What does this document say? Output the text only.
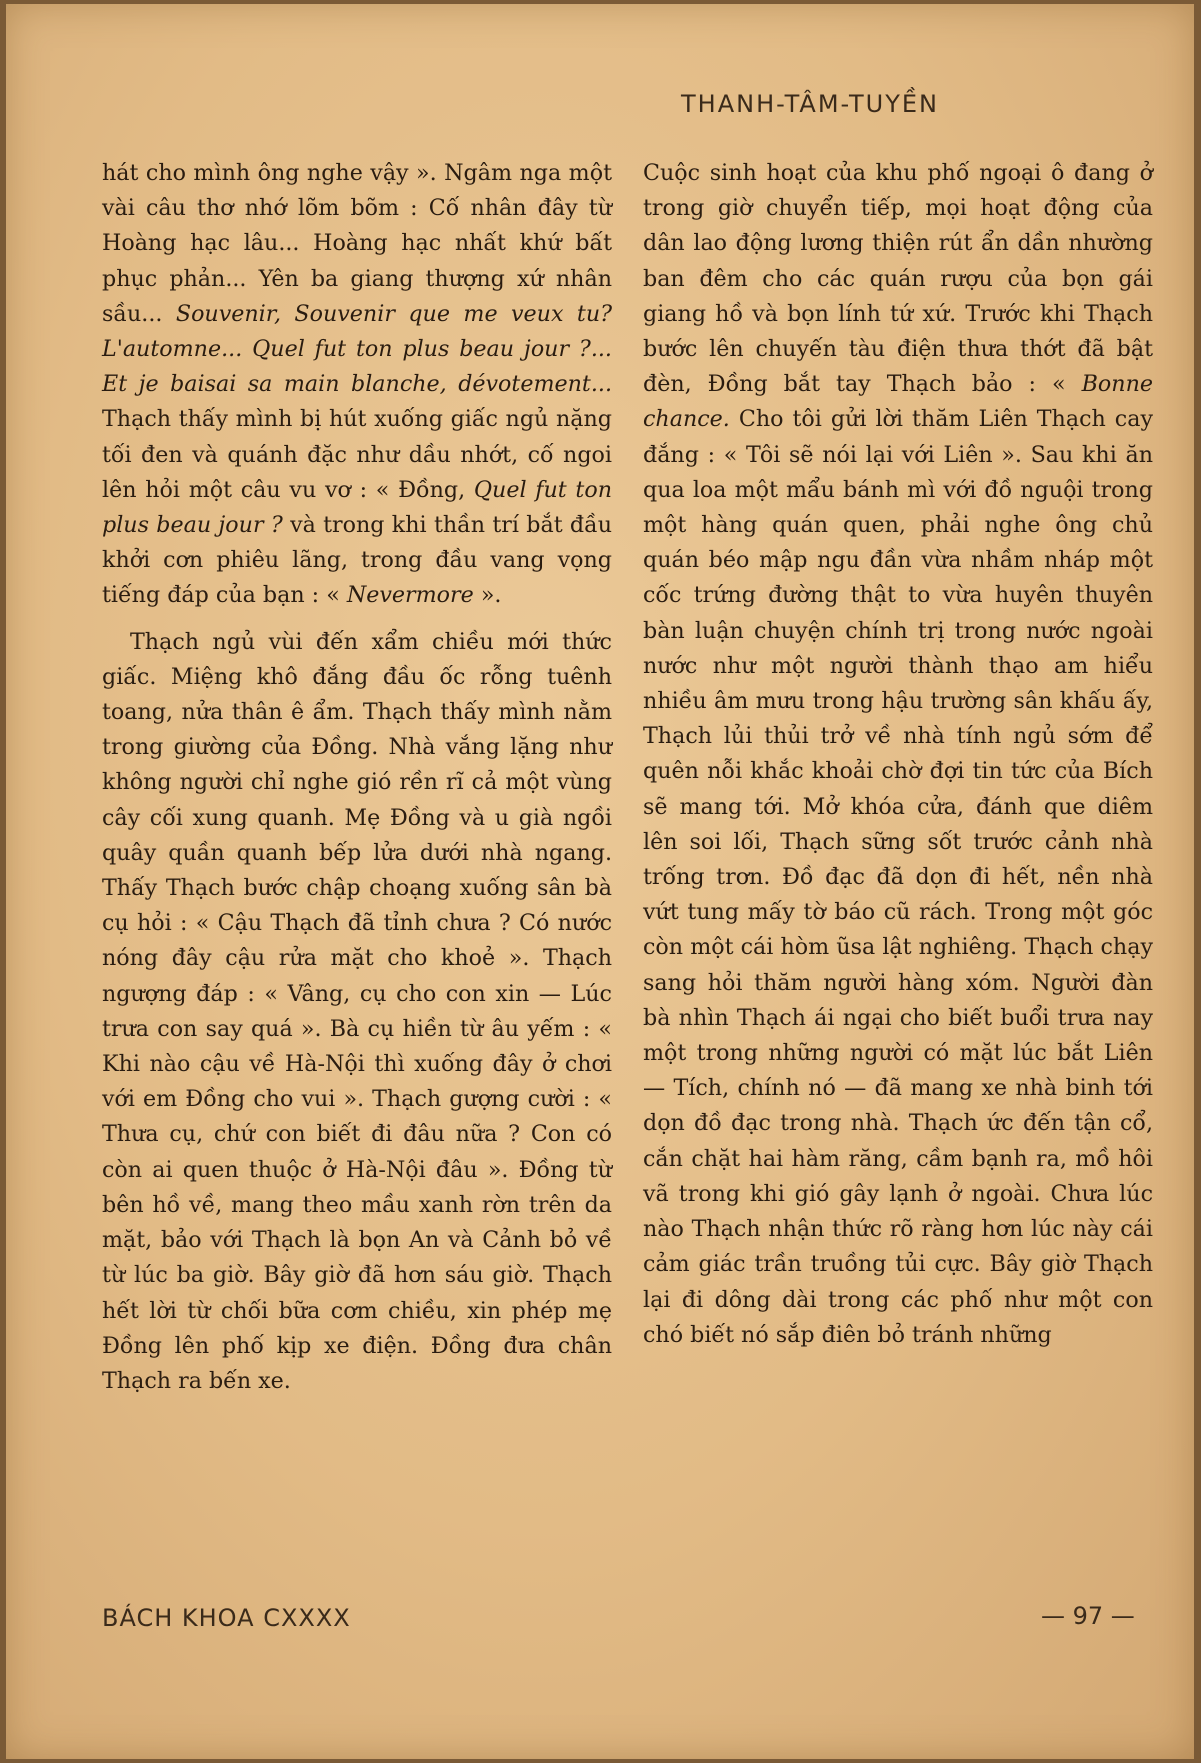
THANH-TÂM-TUYỀN

hát cho mình ông nghe vậy ». Ngâm nga một vài câu thơ nhớ lõm bõm : Cố nhân đây từ Hoàng hạc lâu... Hoàng hạc nhất khứ bất phục phản... Yên ba giang thượng xứ nhân sầu... Souvenir, Souvenir que me veux tu? L'automne... Quel fut ton plus beau jour ?... Et je baisai sa main blanche, dévotement... Thạch thấy mình bị hút xuống giấc ngủ nặng tối đen và quánh đặc như dầu nhớt, cố ngoi lên hỏi một câu vu vơ : « Đồng, Quel fut ton plus beau jour ? và trong khi thần trí bắt đầu khởi cơn phiêu lãng, trong đầu vang vọng tiếng đáp của bạn : « Nevermore ».

Thạch ngủ vùi đến xẩm chiều mới thức giấc. Miệng khô đắng đầu ốc rỗng tuênh toang, nửa thân ê ẩm. Thạch thấy mình nằm trong giường của Đồng. Nhà vắng lặng như không người chỉ nghe gió rền rĩ cả một vùng cây cối xung quanh. Mẹ Đồng và u già ngồi quây quần quanh bếp lửa dưới nhà ngang. Thấy Thạch bước chập choạng xuống sân bà cụ hỏi : « Cậu Thạch đã tỉnh chưa ? Có nước nóng đây cậu rửa mặt cho khoẻ ». Thạch ngượng đáp : « Vâng, cụ cho con xin — Lúc trưa con say quá ». Bà cụ hiền từ âu yếm : « Khi nào cậu về Hà-Nội thì xuống đây ở chơi với em Đồng cho vui ». Thạch gượng cười : « Thưa cụ, chứ con biết đi đâu nữa ? Con có còn ai quen thuộc ở Hà-Nội đâu ». Đồng từ bên hồ về, mang theo mầu xanh rờn trên da mặt, bảo với Thạch là bọn An và Cảnh bỏ về từ lúc ba giờ. Bây giờ đã hơn sáu giờ. Thạch hết lời từ chối bữa cơm chiều, xin phép mẹ Đồng lên phố kịp xe điện. Đồng đưa chân Thạch ra bến xe.

Cuộc sinh hoạt của khu phố ngoại ô đang ở trong giờ chuyển tiếp, mọi hoạt động của dân lao động lương thiện rút ẩn dần nhường ban đêm cho các quán rượu của bọn gái giang hồ và bọn lính tứ xứ. Trước khi Thạch bước lên chuyến tàu điện thưa thớt đã bật đèn, Đồng bắt tay Thạch bảo : « Bonne chance. Cho tôi gửi lời thăm Liên Thạch cay đắng : « Tôi sẽ nói lại với Liên ». Sau khi ăn qua loa một mẩu bánh mì với đồ nguội trong một hàng quán quen, phải nghe ông chủ quán béo mập ngu đần vừa nhầm nháp một cốc trứng đường thật to vừa huyên thuyên bàn luận chuyện chính trị trong nước ngoài nước như một người thành thạo am hiểu nhiều âm mưu trong hậu trường sân khấu ấy, Thạch lủi thủi trở về nhà tính ngủ sớm để quên nỗi khắc khoải chờ đợi tin tức của Bích sẽ mang tới. Mở khóa cửa, đánh que diêm lên soi lối, Thạch sững sốt trước cảnh nhà trống trơn. Đồ đạc đã dọn đi hết, nền nhà vứt tung mấy tờ báo cũ rách. Trong một góc còn một cái hòm ũsa lật nghiêng. Thạch chạy sang hỏi thăm người hàng xóm. Người đàn bà nhìn Thạch ái ngại cho biết buổi trưa nay một trong những người có mặt lúc bắt Liên — Tích, chính nó — đã mang xe nhà binh tới dọn đồ đạc trong nhà. Thạch ức đến tận cổ, cắn chặt hai hàm răng, cầm bạnh ra, mồ hôi vã trong khi gió gây lạnh ở ngoài. Chưa lúc nào Thạch nhận thức rõ ràng hơn lúc này cái cảm giác trần truồng tủi cực. Bây giờ Thạch lại đi dông dài trong các phố như một con chó biết nó sắp điên bỏ tránh những

BÁCH KHOA CXXXX	— 97 —
